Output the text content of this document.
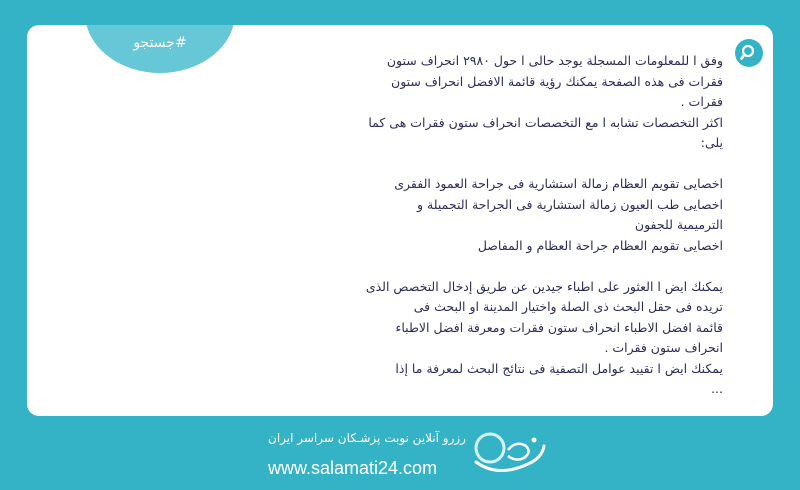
#جستجو
وفق ا للمعلومات المسجلة يوجد حالى ا حول ٢٩٨٠ انحراف ستون
فقرات فى هذه الصفحة يمكنك رؤية قائمة الافضل انحراف ستون
فقرات .
اكثر التخصصات تشابه ا مع التخصصات انحراف ستون فقرات هى كما
يلى:
اخصايى تقويم العظام زمالة استشارية فى جراحة العمود الفقرى
اخصايى طب العيون زمالة استشارية فى الجراحة التجميلة و
الترميمية للجفون
اخصايى تقويم العظام جراحة العظام و المفاصل
يمكنك ايض ا العثور على اطباء جيدين عن طريق إدخال التخصص الذى
تريده فى حقل البحث ذى الصلة واختيار المدينة او البحث فى
قائمة افضل الاطباء انحراف ستون فقرات ومعرفة افضل الاطباء
انحراف ستون فقرات .
يمكنك ايض ا تقييد عوامل التصفية فى نتائج البحث لمعرفة ما إذا
...
رزرو آنلاین نوبت پزشـکان سراسر ایران
www.salamati24.com
